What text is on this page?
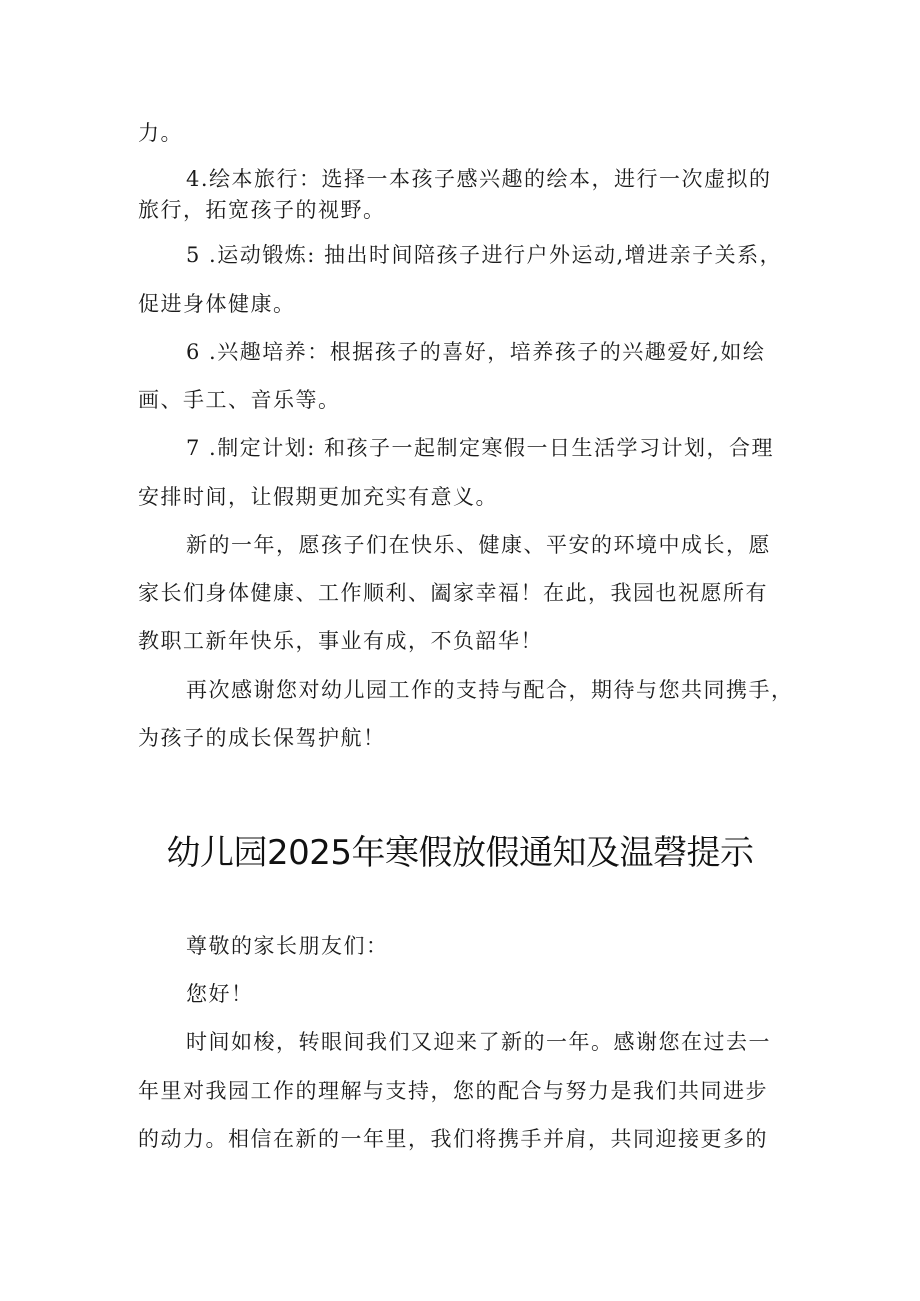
力。
4.绘本旅行：选择一本孩子感兴趣的绘本，进行一次虚拟的
旅行，拓宽孩子的视野。
5 .运动锻炼: 抽出时间陪孩子进行户外运动,增进亲子关系，
促进身体健康。
6 .兴趣培养：根据孩子的喜好，培养孩子的兴趣爱好,如绘
画、手工、音乐等。
7 .制定计划: 和孩子一起制定寒假一日生活学习计划，合理
安排时间，让假期更加充实有意义。
新的一年，愿孩子们在快乐、健康、平安的环境中成长，愿
家长们身体健康、工作顺利、阖家幸福！在此，我园也祝愿所有
教职工新年快乐，事业有成，不负韶华！
再次感谢您对幼儿园工作的支持与配合，期待与您共同携手，
为孩子的成长保驾护航！
幼儿园2025年寒假放假通知及温磬提示
尊敬的家长朋友们：
您好！
时间如梭，转眼间我们又迎来了新的一年。感谢您在过去一
年里对我园工作的理解与支持，您的配合与努力是我们共同进步
的动力。相信在新的一年里，我们将携手并肩，共同迎接更多的
